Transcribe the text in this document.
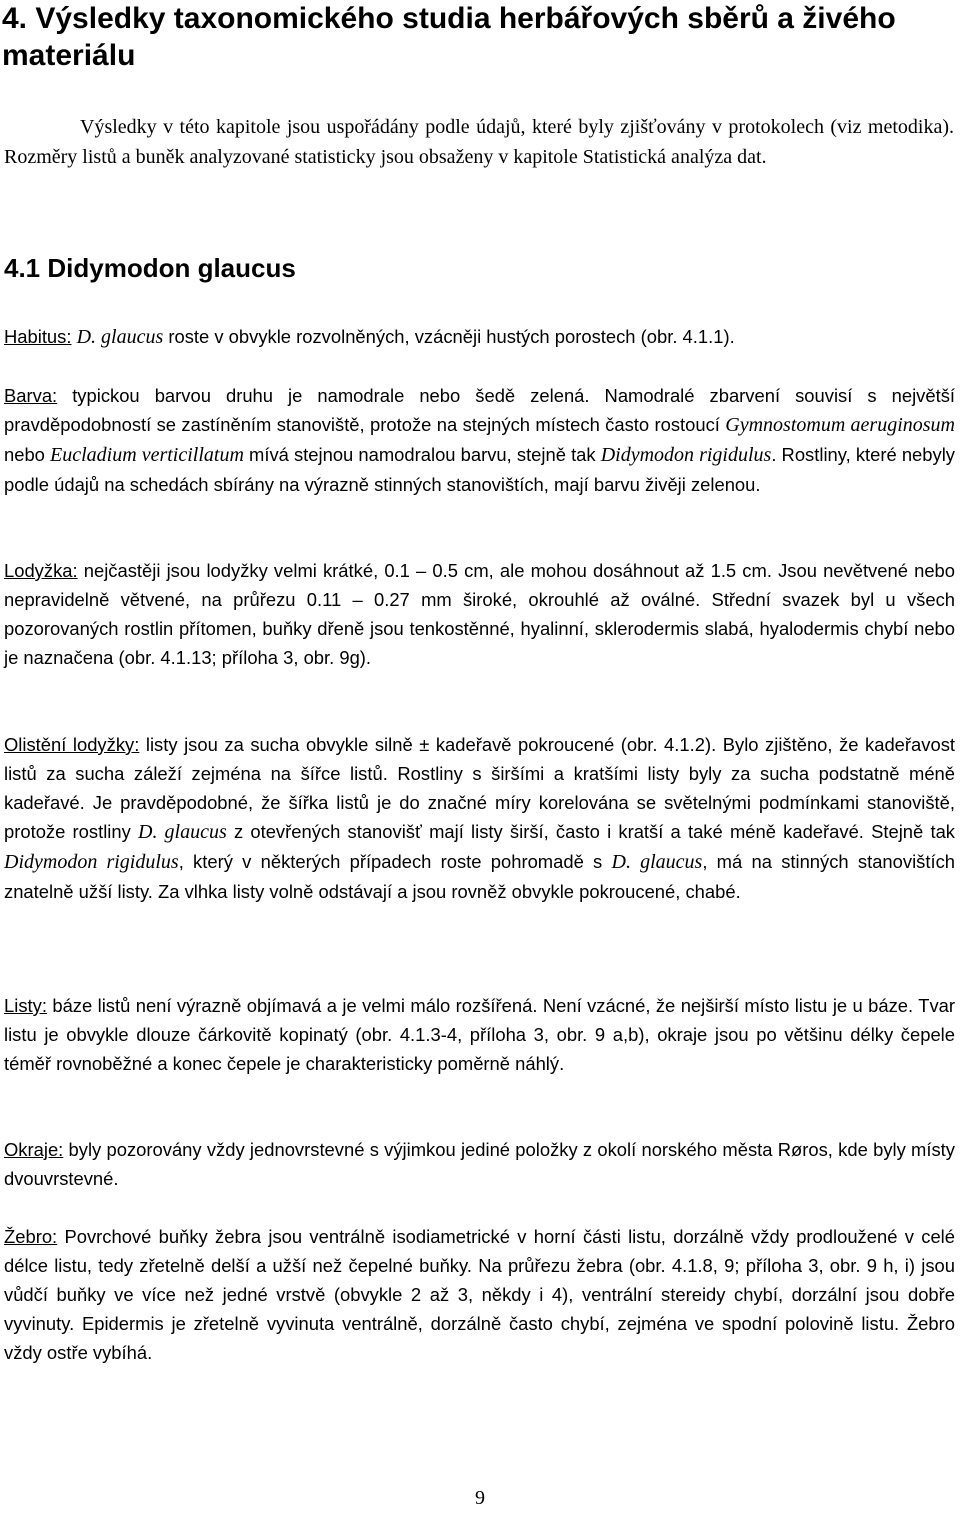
4. Výsledky taxonomického studia herbářových sběrů a živého materiálu

Výsledky v této kapitole jsou uspořádány podle údajů, které byly zjišťovány v protokolech (viz metodika). Rozměry listů a buněk analyzované statisticky jsou obsaženy v kapitole Statistická analýza dat.

4.1 Didymodon glaucus

Habitus: D. glaucus roste v obvykle rozvolněných, vzácněji hustých porostech (obr. 4.1.1).

Barva: typickou barvou druhu je namodrale nebo šedě zelená. Namodralé zbarvení souvisí s největší pravděpodobností se zastíněním stanoviště, protože na stejných místech často rostoucí Gymnostomum aeruginosum nebo Eucladium verticillatum mívá stejnou namodralou barvu, stejně tak Didymodon rigidulus. Rostliny, které nebyly podle údajů na schedách sbírány na výrazně stinných stanovištích, mají barvu živěji zelenou.

Lodyžka: nejčastěji jsou lodyžky velmi krátké, 0.1 – 0.5 cm, ale mohou dosáhnout až 1.5 cm. Jsou nevětvené nebo nepravidelně větvené, na průřezu 0.11 – 0.27 mm široké, okrouhlé až oválné. Střední svazek byl u všech pozorovaných rostlin přítomen, buňky dřeně jsou tenkostěnné, hyalinní, sklerodermis slabá, hyalodermis chybí nebo je naznačena (obr. 4.1.13; příloha 3, obr. 9g).

Olistění lodyžky: listy jsou za sucha obvykle silně ± kadeřavě pokroucené (obr. 4.1.2). Bylo zjištěno, že kadeřavost listů za sucha záleží zejména na šířce listů. Rostliny s širšími a kratšími listy byly za sucha podstatně méně kadeřavé. Je pravděpodobné, že šířka listů je do značné míry korelována se světelnými podmínkami stanoviště, protože rostliny D. glaucus z otevřených stanovišť mají listy širší, často i kratší a také méně kadeřavé. Stejně tak Didymodon rigidulus, který v některých případech roste pohromadě s D. glaucus, má na stinných stanovištích znatelně užší listy. Za vlhka listy volně odstávají a jsou rovněž obvykle pokroucené, chabé.

Listy: báze listů není výrazně objímavá a je velmi málo rozšířená. Není vzácné, že nejširší místo listu je u báze. Tvar listu je obvykle dlouze čárkovitě kopinatý (obr. 4.1.3-4, příloha 3, obr. 9 a,b), okraje jsou po většinu délky čepele téměř rovnoběžné a konec čepele je charakteristicky poměrně náhlý.

Okraje: byly pozorovány vždy jednovrstevné s výjimkou jediné položky z okolí norského města Røros, kde byly místy dvouvrstevné.

Žebro: Povrchové buňky žebra jsou ventrálně isodiametrické v horní části listu, dorzálně vždy prodloužené v celé délce listu, tedy zřetelně delší a užší než čepelné buňky. Na průřezu žebra (obr. 4.1.8, 9; příloha 3, obr. 9 h, i) jsou vůdčí buňky ve více než jedné vrstvě (obvykle 2 až 3, někdy i 4), ventrální stereidy chybí, dorzální jsou dobře vyvinuty. Epidermis je zřetelně vyvinuta ventrálně, dorzálně často chybí, zejména ve spodní polovině listu. Žebro vždy ostře vybíhá.

9
